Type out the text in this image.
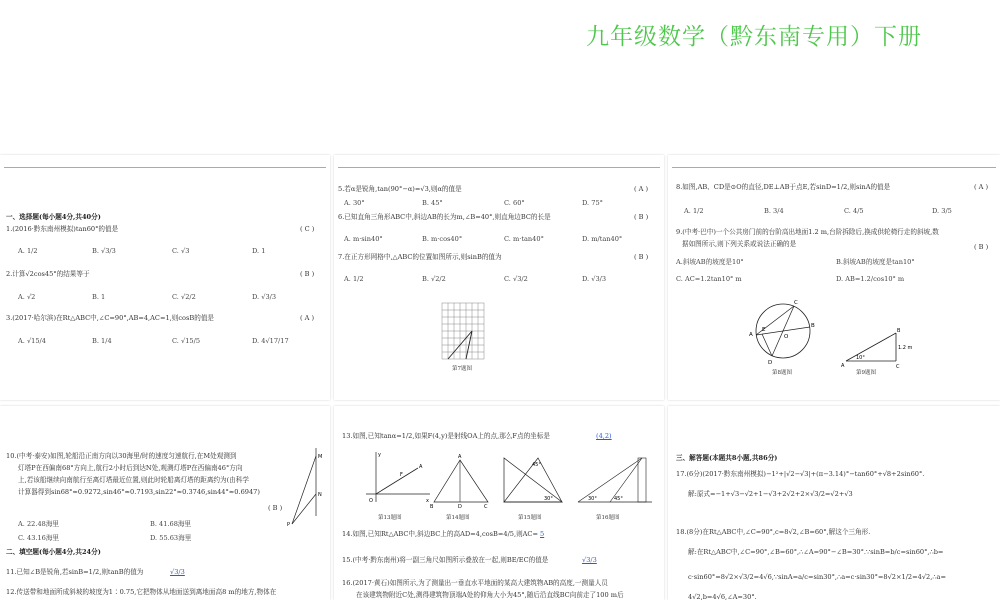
九年级数学（黔东南专用）下册
一、选择题(每小题4分,共40分)
1.(2016·黔东南州模拟)tan60°的值是	( C )
A. 1/2	B. √3/3	C. √3	D. 1
2.计算√2cos45°的结果等于	( B )
A. √2	B. 1	C. √2/2	D. √3/3
3.(2017·哈尔滨)在Rt△ABC中,∠C=90°,AB=4,AC=1,则cosB的值是	( A )
A. √15/4	B. 1/4	C. √15/5	D. 4√17/17
5.若α是锐角,tan(90°−α)=√3,则α的值是	( A )
A. 30°	B. 45°	C. 60°	D. 75°
6.已知直角三角形ABC中,斜边AB的长为m,∠B=40°,则直角边BC的长是	( B )
A. m·sin40°	B. m·cos40°	C. m·tan40°	D. m/tan40°
7.在正方形网格中,△ABC的位置如图所示,则sinB的值为	( B )
A. 1/2	B. √2/2	C. √3/2	D. √3/3
第7题图
8.如图,AB、CD是⊙O的直径,DE⊥AB于点E,若sinD=1/2,则sinA的值是	( A )
A. 1/2	B. 3/4	C. 4/5	D. 3/5
9.(中考·巴中)一个公共房门前的台阶高出地面1.2 m,台阶拆除后,换成供轮椅行走的斜坡,数
据如图所示,则下列关系或说法正确的是	( B )
A.斜坡AB的坡度是10°	B.斜坡AB的坡度是tan10°
C. AC=1.2tan10° m	D. AB=1.2/cos10° m
A
B
C
D
E
O
第8题图
10°
1.2 m
A	C
B
第9题图
10.(中考·泰安)如图,轮船沿正南方向以30海里/时的速度匀速航行,在M处观测到
灯塔P在西偏南68°方向上,航行2小时后到达N处,观测灯塔P在西偏南46°方向
上,若该船继续向南航行至离灯塔最近位置,则此时轮船离灯塔的距离约为(由科学
计算器得到sin68°≈0.9272,sin46°≈0.7193,sin22°≈0.3746,sin44°≈0.6947)
( B )
A. 22.48海里	B. 41.68海里
C. 43.16海里	D. 55.63海里
M
N
P
二、填空题(每小题4分,共24分)
11.已知∠B是锐角,若sinB=1/2,则tanB的值为	√3/3
12.传送带和地面所成斜坡的坡度为1∶0.75,它把物体从地面送到离地面高8 m的地方,物体在
13.如图,已知tanα=1/2,如果F(4,y)是射线OA上的点,那么F点的坐标是	(4,2)
y
x
O
A
F
A
B	C
D
45°
30°	30°	45°
第13题图	第14题图	第15题图	第16题图
14.如图,已知Rt△ABC中,斜边BC上的高AD=4,cosB=4/5,则AC= 5
15.(中考·黔东南州)将一副三角尺如图所示叠放在一起,则BE/EC的值是	√3/3
16.(2017·黄石)如图所示,为了测量出一垂直水平地面的某高大建筑物AB的高度,一测量人员
在该建筑物附近C处,测得建筑物顶端A处的仰角大小为45°,随后沿直线BC向前走了100 m后
三、解答题(本题共8小题,共86分)
17.(6分)(2017·黔东南州模拟)−1²+|√2−√3|+(π−3.14)°−tan60°+√8+2sin60°.
解:原式=−1+√3−√2+1−√3+2√2+2×√3/2=√2+√3
18.(8分)在Rt△ABC中,∠C=90°,c=8√2,∠B=60°,解这个三角形.
解:在Rt△ABC中,∠C=90°,∠B=60°,∴∠A=90°−∠B=30°.∵sinB=b/c=sin60°,∴b=
c·sin60°=8√2×√3/2=4√6,∵sinA=a/c=sin30°,∴a=c·sin30°=8√2×1/2=4√2,∴a=
4√2,b=4√6,∠A=30°.
